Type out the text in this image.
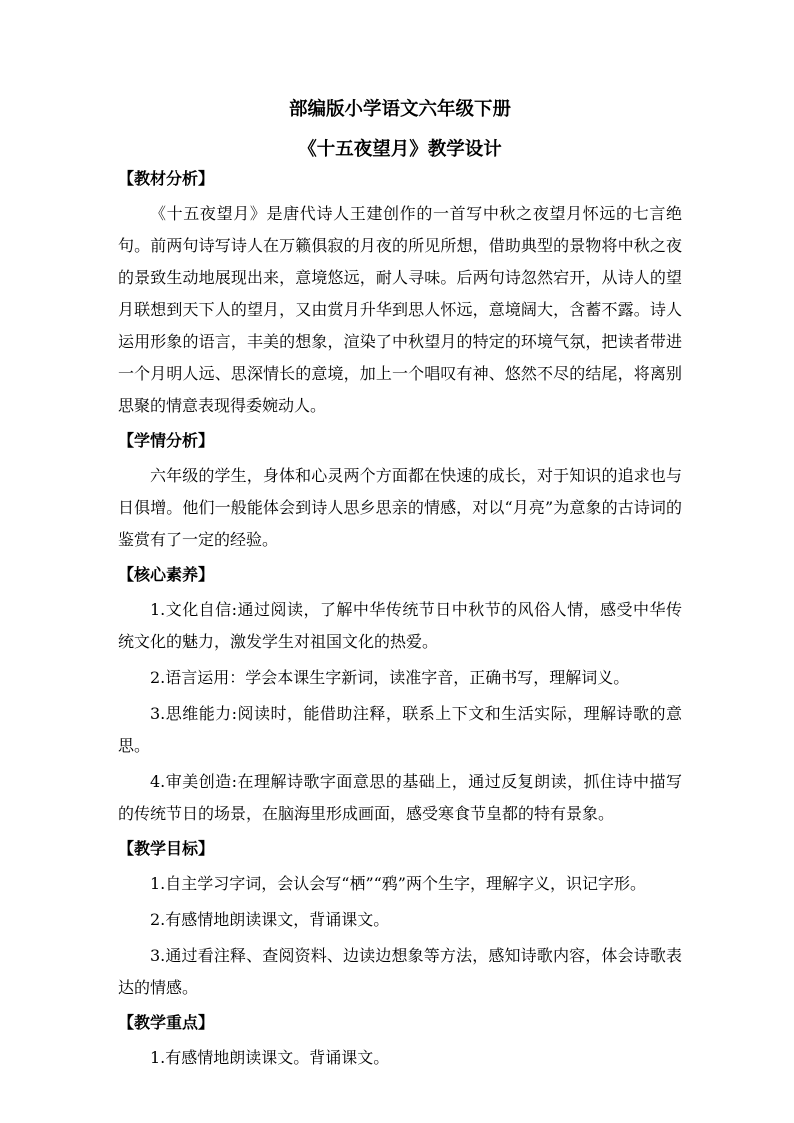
部编版小学语文六年级下册
《十五夜望月》教学设计
【教材分析】

《十五夜望月》是唐代诗人王建创作的一首写中秋之夜望月怀远的七言绝句。前两句诗写诗人在万籁俱寂的月夜的所见所想，借助典型的景物将中秋之夜的景致生动地展现出来，意境悠远，耐人寻味。后两句诗忽然宕开，从诗人的望月联想到天下人的望月，又由赏月升华到思人怀远，意境阔大，含蓄不露。诗人运用形象的语言，丰美的想象，渲染了中秋望月的特定的环境气氛，把读者带进一个月明人远、思深情长的意境，加上一个唱叹有神、悠然不尽的结尾，将离别思聚的情意表现得委婉动人。

【学情分析】

六年级的学生，身体和心灵两个方面都在快速的成长，对于知识的追求也与日俱增。他们一般能体会到诗人思乡思亲的情感，对以“月亮”为意象的古诗词的鉴赏有了一定的经验。

【核心素养】

1.文化自信:通过阅读，了解中华传统节日中秋节的风俗人情，感受中华传统文化的魅力，激发学生对祖国文化的热爱。

2.语言运用：学会本课生字新词，读准字音，正确书写，理解词义。

3.思维能力:阅读时，能借助注释，联系上下文和生活实际，理解诗歌的意思。

4.审美创造:在理解诗歌字面意思的基础上，通过反复朗读，抓住诗中描写的传统节日的场景，在脑海里形成画面，感受寒食节皇都的特有景象。

【教学目标】

1.自主学习字词，会认会写“栖”“鸦”两个生字，理解字义，识记字形。

2.有感情地朗读课文，背诵课文。

3.通过看注释、查阅资料、边读边想象等方法，感知诗歌内容，体会诗歌表达的情感。

【教学重点】

1.有感情地朗读课文。背诵课文。
